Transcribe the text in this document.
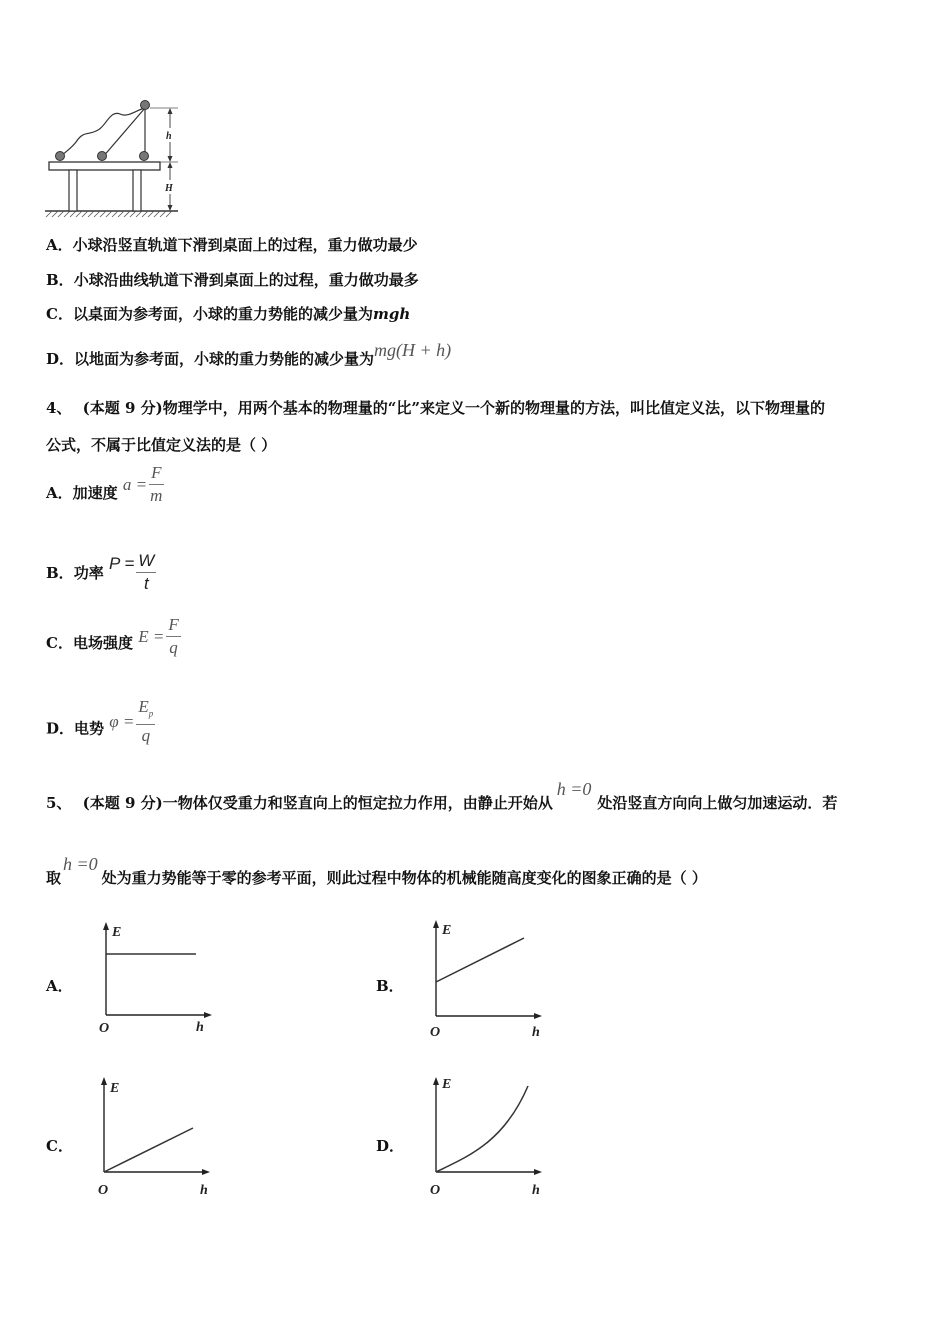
h
H
A．小球沿竖直轨道下滑到桌面上的过程，重力做功最少
B．小球沿曲线轨道下滑到桌面上的过程，重力做功最多
C．以桌面为参考面，小球的重力势能的减少量为mgh
D．以地面为参考面，小球的重力势能的减少量为mg(H + h)
4、 (本题 9 分)物理学中，用两个基本的物理量的“比”来定义一个新的物理量的方法，叫比值定义法，以下物理量的
公式，不属于比值定义法的是（ ）
A．加速度 $a = \frac{F}{m}$
B．功率 $P = \frac{W}{t}$
C．电场强度 $E = \frac{F}{q}$
D．电势 $\varphi = \frac{E_p}{q}$
5、 (本题 9 分)一物体仅受重力和竖直向上的恒定拉力作用，由静止开始从h =0处沿竖直方向向上做匀加速运动．若
取h =0处为重力势能等于零的参考平面，则此过程中物体的机械能随高度变化的图象正确的是（ ）
A．	B．
C．	D．
E
h
O
E
h
O
E
h
O
E
h
O
